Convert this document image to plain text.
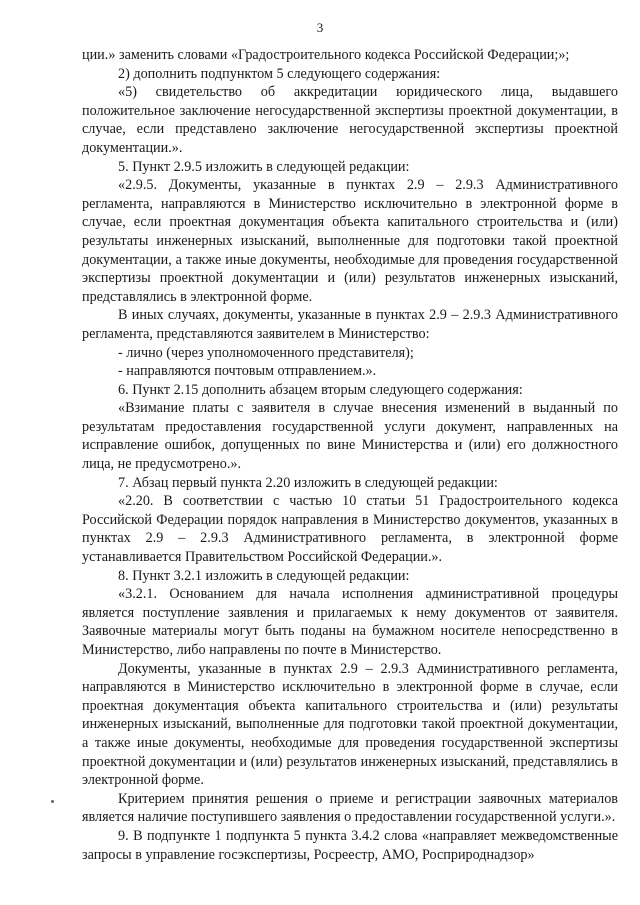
3

ции.» заменить словами «Градостроительного кодекса Российской Федерации;»;

2) дополнить подпунктом 5 следующего содержания:

«5) свидетельство об аккредитации юридического лица, выдавшего положительное заключение негосударственной экспертизы проектной документации, в случае, если представлено заключение негосударственной экспертизы проектной документации.».

5. Пункт 2.9.5 изложить в следующей редакции:

«2.9.5. Документы, указанные в пунктах 2.9 – 2.9.3 Административного регламента, направляются в Министерство исключительно в электронной форме в случае, если проектная документация объекта капитального строительства и (или) результаты инженерных изысканий, выполненные для подготовки такой проектной документации, а также иные документы, необходимые для проведения государственной экспертизы проектной документации и (или) результатов инженерных изысканий, представлялись в электронной форме.

В иных случаях, документы, указанные в пунктах 2.9 – 2.9.3 Административного регламента, представляются заявителем в Министерство:

- лично (через уполномоченного представителя);

- направляются почтовым отправлением.».

6. Пункт 2.15 дополнить абзацем вторым следующего содержания:

«Взимание платы с заявителя в случае внесения изменений в выданный по результатам предоставления государственной услуги документ, направленных на исправление ошибок, допущенных по вине Министерства и (или) его должностного лица, не предусмотрено.».

7. Абзац первый пункта 2.20 изложить в следующей редакции:

«2.20. В соответствии с частью 10 статьи 51 Градостроительного кодекса Российской Федерации порядок направления в Министерство документов, указанных в пунктах 2.9 – 2.9.3 Административного регламента, в электронной форме устанавливается Правительством Российской Федерации.».

8. Пункт 3.2.1 изложить в следующей редакции:

«3.2.1. Основанием для начала исполнения административной процедуры является поступление заявления и прилагаемых к нему документов от заявителя. Заявочные материалы могут быть поданы на бумажном носителе непосредственно в Министерство, либо направлены по почте в Министерство.

Документы, указанные в пунктах 2.9 – 2.9.3 Административного регламента, направляются в Министерство исключительно в электронной форме в случае, если проектная документация объекта капитального строительства и (или) результаты инженерных изысканий, выполненные для подготовки такой проектной документации, а также иные документы, необходимые для проведения государственной экспертизы проектной документации и (или) результатов инженерных изысканий, представлялись в электронной форме.

Критерием принятия решения о приеме и регистрации заявочных материалов является наличие поступившего заявления о предоставлении государственной услуги.».

9. В подпункте 1 подпункта 5 пункта 3.4.2 слова «направляет межведомственные запросы в управление госэкспертизы, Росреестр, АМО, Росприроднадзор»
